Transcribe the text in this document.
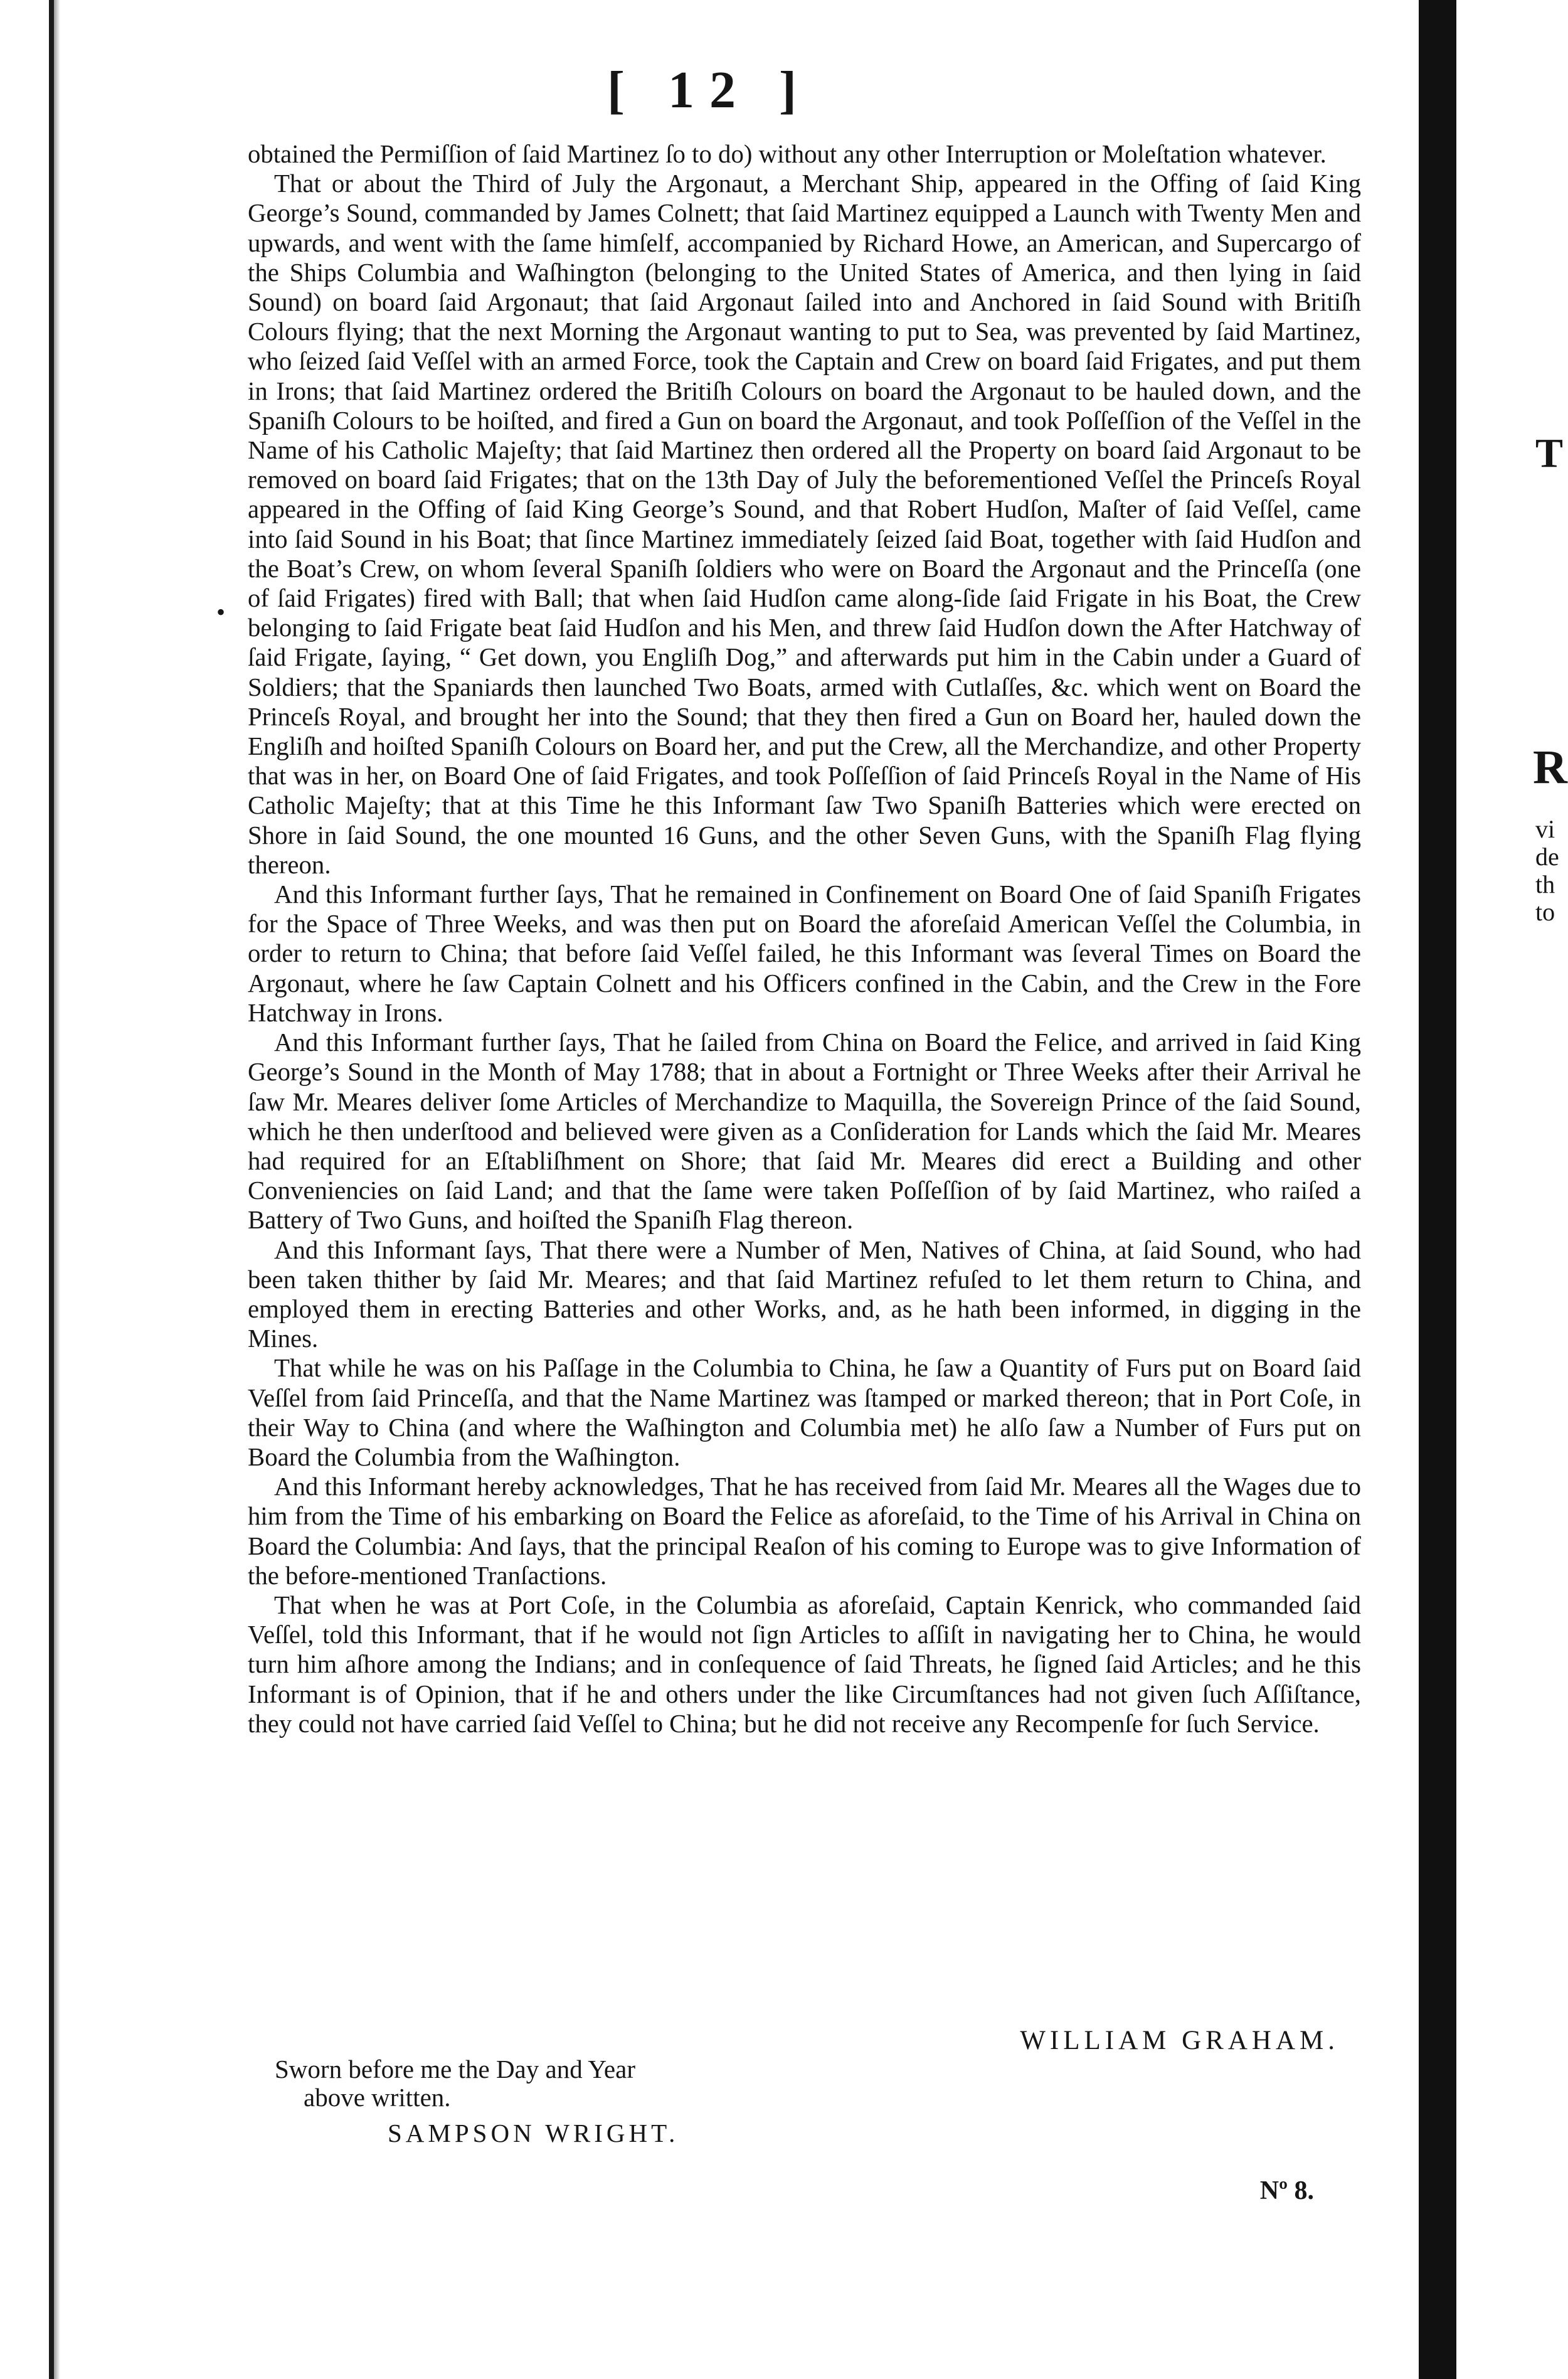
[ 12 ]

obtained the Permiſſion of ſaid Martinez ſo to do) without any other Interruption or Moleſtation whatever.

That or about the Third of July the Argonaut, a Merchant Ship, appeared in the Offing of ſaid King George’s Sound, commanded by James Colnett; that ſaid Martinez equipped a Launch with Twenty Men and upwards, and went with the ſame himſelf, accompanied by Richard Howe, an American, and Supercargo of the Ships Columbia and Waſhington (belonging to the United States of America, and then lying in ſaid Sound) on board ſaid Argonaut; that ſaid Argonaut ſailed into and Anchored in ſaid Sound with Britiſh Colours flying; that the next Morning the Argonaut wanting to put to Sea, was prevented by ſaid Martinez, who ſeized ſaid Veſſel with an armed Force, took the Captain and Crew on board ſaid Frigates, and put them in Irons; that ſaid Martinez ordered the Britiſh Colours on board the Argonaut to be hauled down, and the Spaniſh Colours to be hoiſted, and fired a Gun on board the Argonaut, and took Poſſeſſion of the Veſſel in the Name of his Catholic Majeſty; that ſaid Martinez then ordered all the Property on board ſaid Argonaut to be removed on board ſaid Frigates; that on the 13th Day of July the beforementioned Veſſel the Princeſs Royal appeared in the Offing of ſaid King George’s Sound, and that Robert Hudſon, Maſter of ſaid Veſſel, came into ſaid Sound in his Boat; that ſince Martinez immediately ſeized ſaid Boat, together with ſaid Hudſon and the Boat’s Crew, on whom ſeveral Spaniſh ſoldiers who were on Board the Argonaut and the Princeſſa (one of ſaid Frigates) fired with Ball; that when ſaid Hudſon came along-ſide ſaid Frigate in his Boat, the Crew belonging to ſaid Frigate beat ſaid Hudſon and his Men, and threw ſaid Hudſon down the After Hatchway of ſaid Frigate, ſaying, “ Get down, you Engliſh Dog,” and afterwards put him in the Cabin under a Guard of Soldiers; that the Spaniards then launched Two Boats, armed with Cutlaſſes, &c. which went on Board the Princeſs Royal, and brought her into the Sound; that they then fired a Gun on Board her, hauled down the Engliſh and hoiſted Spaniſh Colours on Board her, and put the Crew, all the Merchandize, and other Property that was in her, on Board One of ſaid Frigates, and took Poſſeſſion of ſaid Princeſs Royal in the Name of His Catholic Majeſty; that at this Time he this Informant ſaw Two Spaniſh Batteries which were erected on Shore in ſaid Sound, the one mounted 16 Guns, and the other Seven Guns, with the Spaniſh Flag flying thereon.

And this Informant further ſays, That he remained in Confinement on Board One of ſaid Spaniſh Frigates for the Space of Three Weeks, and was then put on Board the aforeſaid American Veſſel the Columbia, in order to return to China; that before ſaid Veſſel failed, he this Informant was ſeveral Times on Board the Argonaut, where he ſaw Captain Colnett and his Officers confined in the Cabin, and the Crew in the Fore Hatchway in Irons.

And this Informant further ſays, That he ſailed from China on Board the Felice, and arrived in ſaid King George’s Sound in the Month of May 1788; that in about a Fortnight or Three Weeks after their Arrival he ſaw Mr. Meares deliver ſome Articles of Merchandize to Maquilla, the Sovereign Prince of the ſaid Sound, which he then underſtood and believed were given as a Conſideration for Lands which the ſaid Mr. Meares had required for an Eſtabliſhment on Shore; that ſaid Mr. Meares did erect a Building and other Conveniencies on ſaid Land; and that the ſame were taken Poſſeſſion of by ſaid Martinez, who raiſed a Battery of Two Guns, and hoiſted the Spaniſh Flag thereon.

And this Informant ſays, That there were a Number of Men, Natives of China, at ſaid Sound, who had been taken thither by ſaid Mr. Meares; and that ſaid Martinez refuſed to let them return to China, and employed them in erecting Batteries and other Works, and, as he hath been informed, in digging in the Mines.

That while he was on his Paſſage in the Columbia to China, he ſaw a Quantity of Furs put on Board ſaid Veſſel from ſaid Princeſſa, and that the Name Martinez was ſtamped or marked thereon; that in Port Coſe, in their Way to China (and where the Waſhington and Columbia met) he alſo ſaw a Number of Furs put on Board the Columbia from the Waſhington.

And this Informant hereby acknowledges, That he has received from ſaid Mr. Meares all the Wages due to him from the Time of his embarking on Board the Felice as aforeſaid, to the Time of his Arrival in China on Board the Columbia: And ſays, that the principal Reaſon of his coming to Europe was to give Information of the before-mentioned Tranſactions.

That when he was at Port Coſe, in the Columbia as aforeſaid, Captain Kenrick, who commanded ſaid Veſſel, told this Informant, that if he would not ſign Articles to aſſiſt in navigating her to China, he would turn him aſhore among the Indians; and in conſequence of ſaid Threats, he ſigned ſaid Articles; and he this Informant is of Opinion, that if he and others under the like Circumſtances had not given ſuch Aſſiſtance, they could not have carried ſaid Veſſel to China; but he did not receive any Recompenſe for ſuch Service.

•
WILLIAM GRAHAM.
Sworn before me the Day and Year
above written.
SAMPSON WRIGHT.
Nº 8.
T
R
vi
de
th
to
